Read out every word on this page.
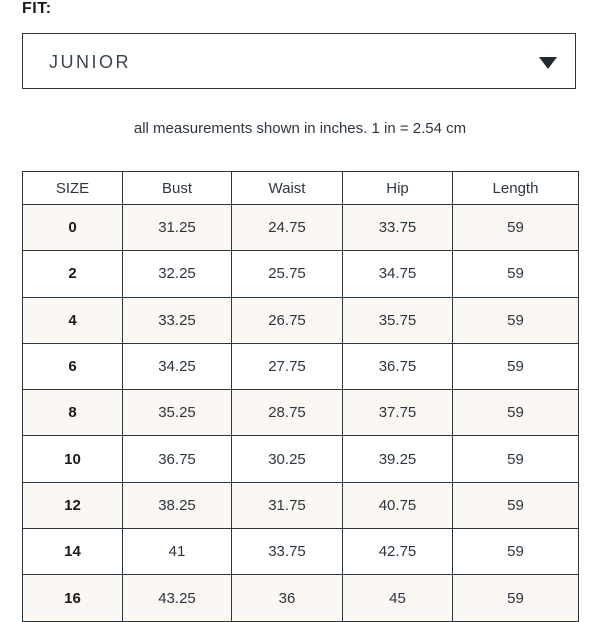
FIT:
JUNIOR
all measurements shown in inches. 1 in = 2.54 cm
SIZE	Bust	Waist	Hip	Length
0	31.25	24.75	33.75	59
2	32.25	25.75	34.75	59
4	33.25	26.75	35.75	59
6	34.25	27.75	36.75	59
8	35.25	28.75	37.75	59
10	36.75	30.25	39.25	59
12	38.25	31.75	40.75	59
14	41	33.75	42.75	59
16	43.25	36	45	59
